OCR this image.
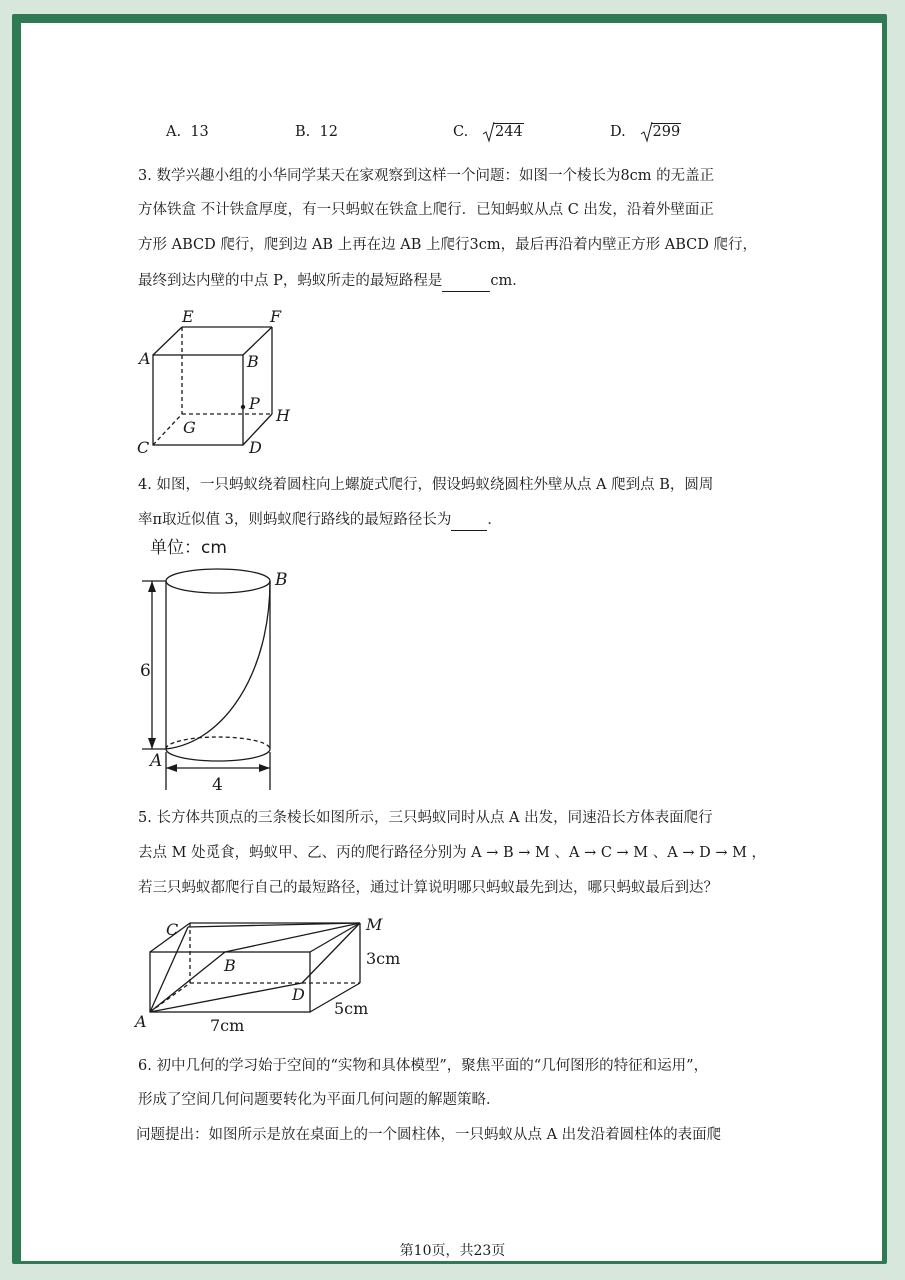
A. 13	B. 12	C. 244	D. 299
3. 数学兴趣小组的小华同学某天在家观察到这样一个问题：如图一个棱长为8cm 的无盖正
方体铁盒 不计铁盒厚度，有一只蚂蚁在铁盒上爬行．已知蚂蚁从点 C 出发，沿着外壁面正
方形 ABCD 爬行，爬到边 AB 上再在边 AB 上爬行3cm，最后再沿着内壁正方形 ABCD 爬行，
最终到达内壁的中点 P，蚂蚁所走的最短路程是	cm．
E	F
A	B
P
H
G
C	D
4. 如图，一只蚂蚁绕着圆柱向上螺旋式爬行，假设蚂蚁绕圆柱外壁从点 A 爬到点 B，圆周
率π取近似值 3，则蚂蚁爬行路线的最短路径长为 ．
单位：cm
6
4
A
B
5. 长方体共顶点的三条棱长如图所示，三只蚂蚁同时从点 A 出发，同速沿长方体表面爬行
去点 M 处觅食，蚂蚁甲、乙、丙的爬行路径分别为 A → B → M 、A → C → M 、A → D → M ，
若三只蚂蚁都爬行自己的最短路径，通过计算说明哪只蚂蚁最先到达，哪只蚂蚁最后到达？
C	M
B
D
A
3cm
5cm
7cm
6. 初中几何的学习始于空间的“实物和具体模型”，聚焦平面的“几何图形的特征和运用”，
形成了空间几何问题要转化为平面几何问题的解题策略．
问题提出：如图所示是放在桌面上的一个圆柱体，一只蚂蚁从点 A 出发沿着圆柱体的表面爬
第10页，共23页
